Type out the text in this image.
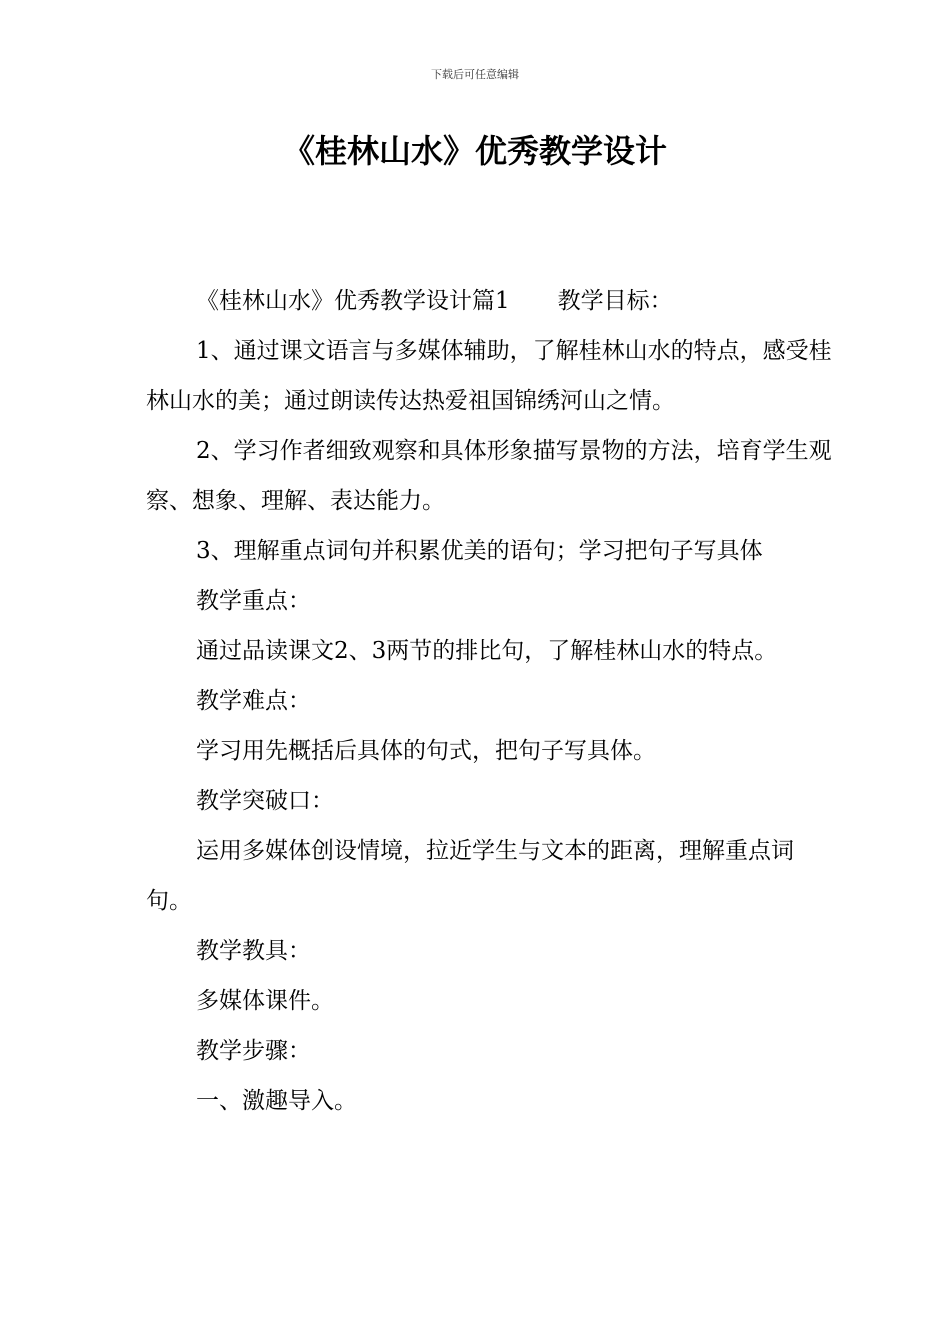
下载后可任意编辑
《桂林山水》优秀教学设计

《桂林山水》优秀教学设计篇1 教学目标：

1、通过课文语言与多媒体辅助，了解桂林山水的特点，感受桂林山水的美；通过朗读传达热爱祖国锦绣河山之情。

2、学习作者细致观察和具体形象描写景物的方法，培育学生观察、想象、理解、表达能力。

3、理解重点词句并积累优美的语句；学习把句子写具体

教学重点：

通过品读课文2、3两节的排比句，了解桂林山水的特点。

教学难点：

学习用先概括后具体的句式，把句子写具体。

教学突破口：

运用多媒体创设情境，拉近学生与文本的距离，理解重点词句。

教学教具：

多媒体课件。

教学步骤：

一、激趣导入。
